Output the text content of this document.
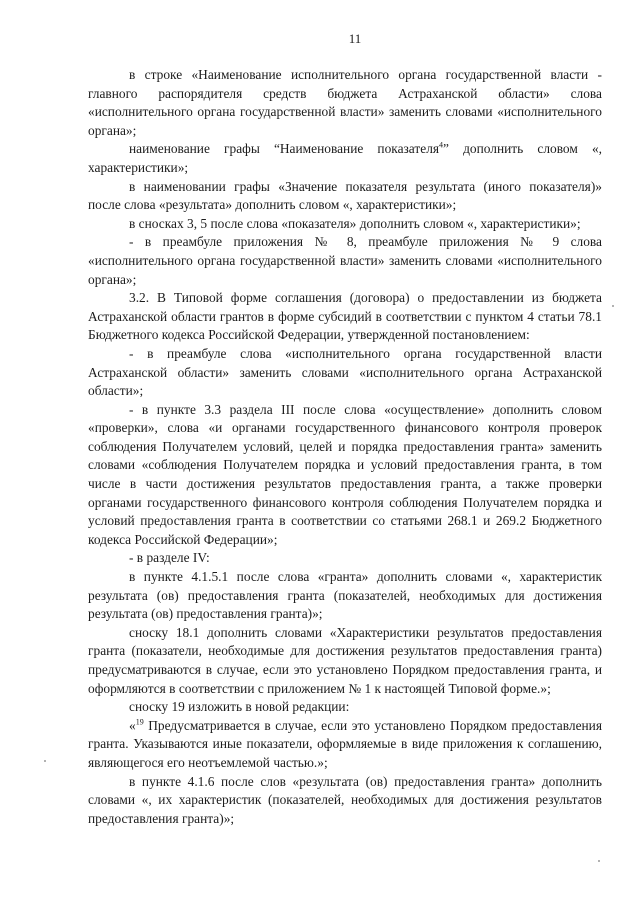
11

в строке «Наименование исполнительного органа государственной власти - главного распорядителя средств бюджета Астраханской области» слова «исполнительного органа государственной власти» заменить словами «исполнительного органа»;

наименование графы “Наименование показателя$^4$” дополнить словом «, характеристики»;

в наименовании графы «Значение показателя результата (иного показателя)» после слова «результата» дополнить словом «, характеристики»;

в сносках 3, 5 после слова «показателя» дополнить словом «, характеристики»;

- в преамбуле приложения № 8, преамбуле приложения № 9 слова «исполнительного органа государственной власти» заменить словами «исполнительного органа»;

3.2. В Типовой форме соглашения (договора) о предоставлении из бюджета Астраханской области грантов в форме субсидий в соответствии с пунктом 4 статьи 78.1 Бюджетного кодекса Российской Федерации, утвержденной постановлением:

- в преамбуле слова «исполнительного органа государственной власти Астраханской области» заменить словами «исполнительного органа Астраханской области»;

- в пункте 3.3 раздела III после слова «осуществление» дополнить словом «проверки», слова «и органами государственного финансового контроля проверок соблюдения Получателем условий, целей и порядка предоставления гранта» заменить словами «соблюдения Получателем порядка и условий предоставления гранта, в том числе в части достижения результатов предоставления гранта, а также проверки органами государственного финансового контроля соблюдения Получателем порядка и условий предоставления гранта в соответствии со статьями 268.1 и 269.2 Бюджетного кодекса Российской Федерации»;

- в разделе IV:

в пункте 4.1.5.1 после слова «гранта» дополнить словами «, характеристик результата (ов) предоставления гранта (показателей, необходимых для достижения результата (ов) предоставления гранта)»;

сноску 18.1 дополнить словами «Характеристики результатов предоставления гранта (показатели, необходимые для достижения результатов предоставления гранта) предусматриваются в случае, если это установлено Порядком предоставления гранта, и оформляются в соответствии с приложением № 1 к настоящей Типовой форме.»;

сноску 19 изложить в новой редакции:

«$^{19}$ Предусматривается в случае, если это установлено Порядком предоставления гранта. Указываются иные показатели, оформляемые в виде приложения к соглашению, являющегося его неотъемлемой частью.»;

в пункте 4.1.6 после слов «результата (ов) предоставления гранта» дополнить словами «, их характеристик (показателей, необходимых для достижения результатов предоставления гранта)»;
